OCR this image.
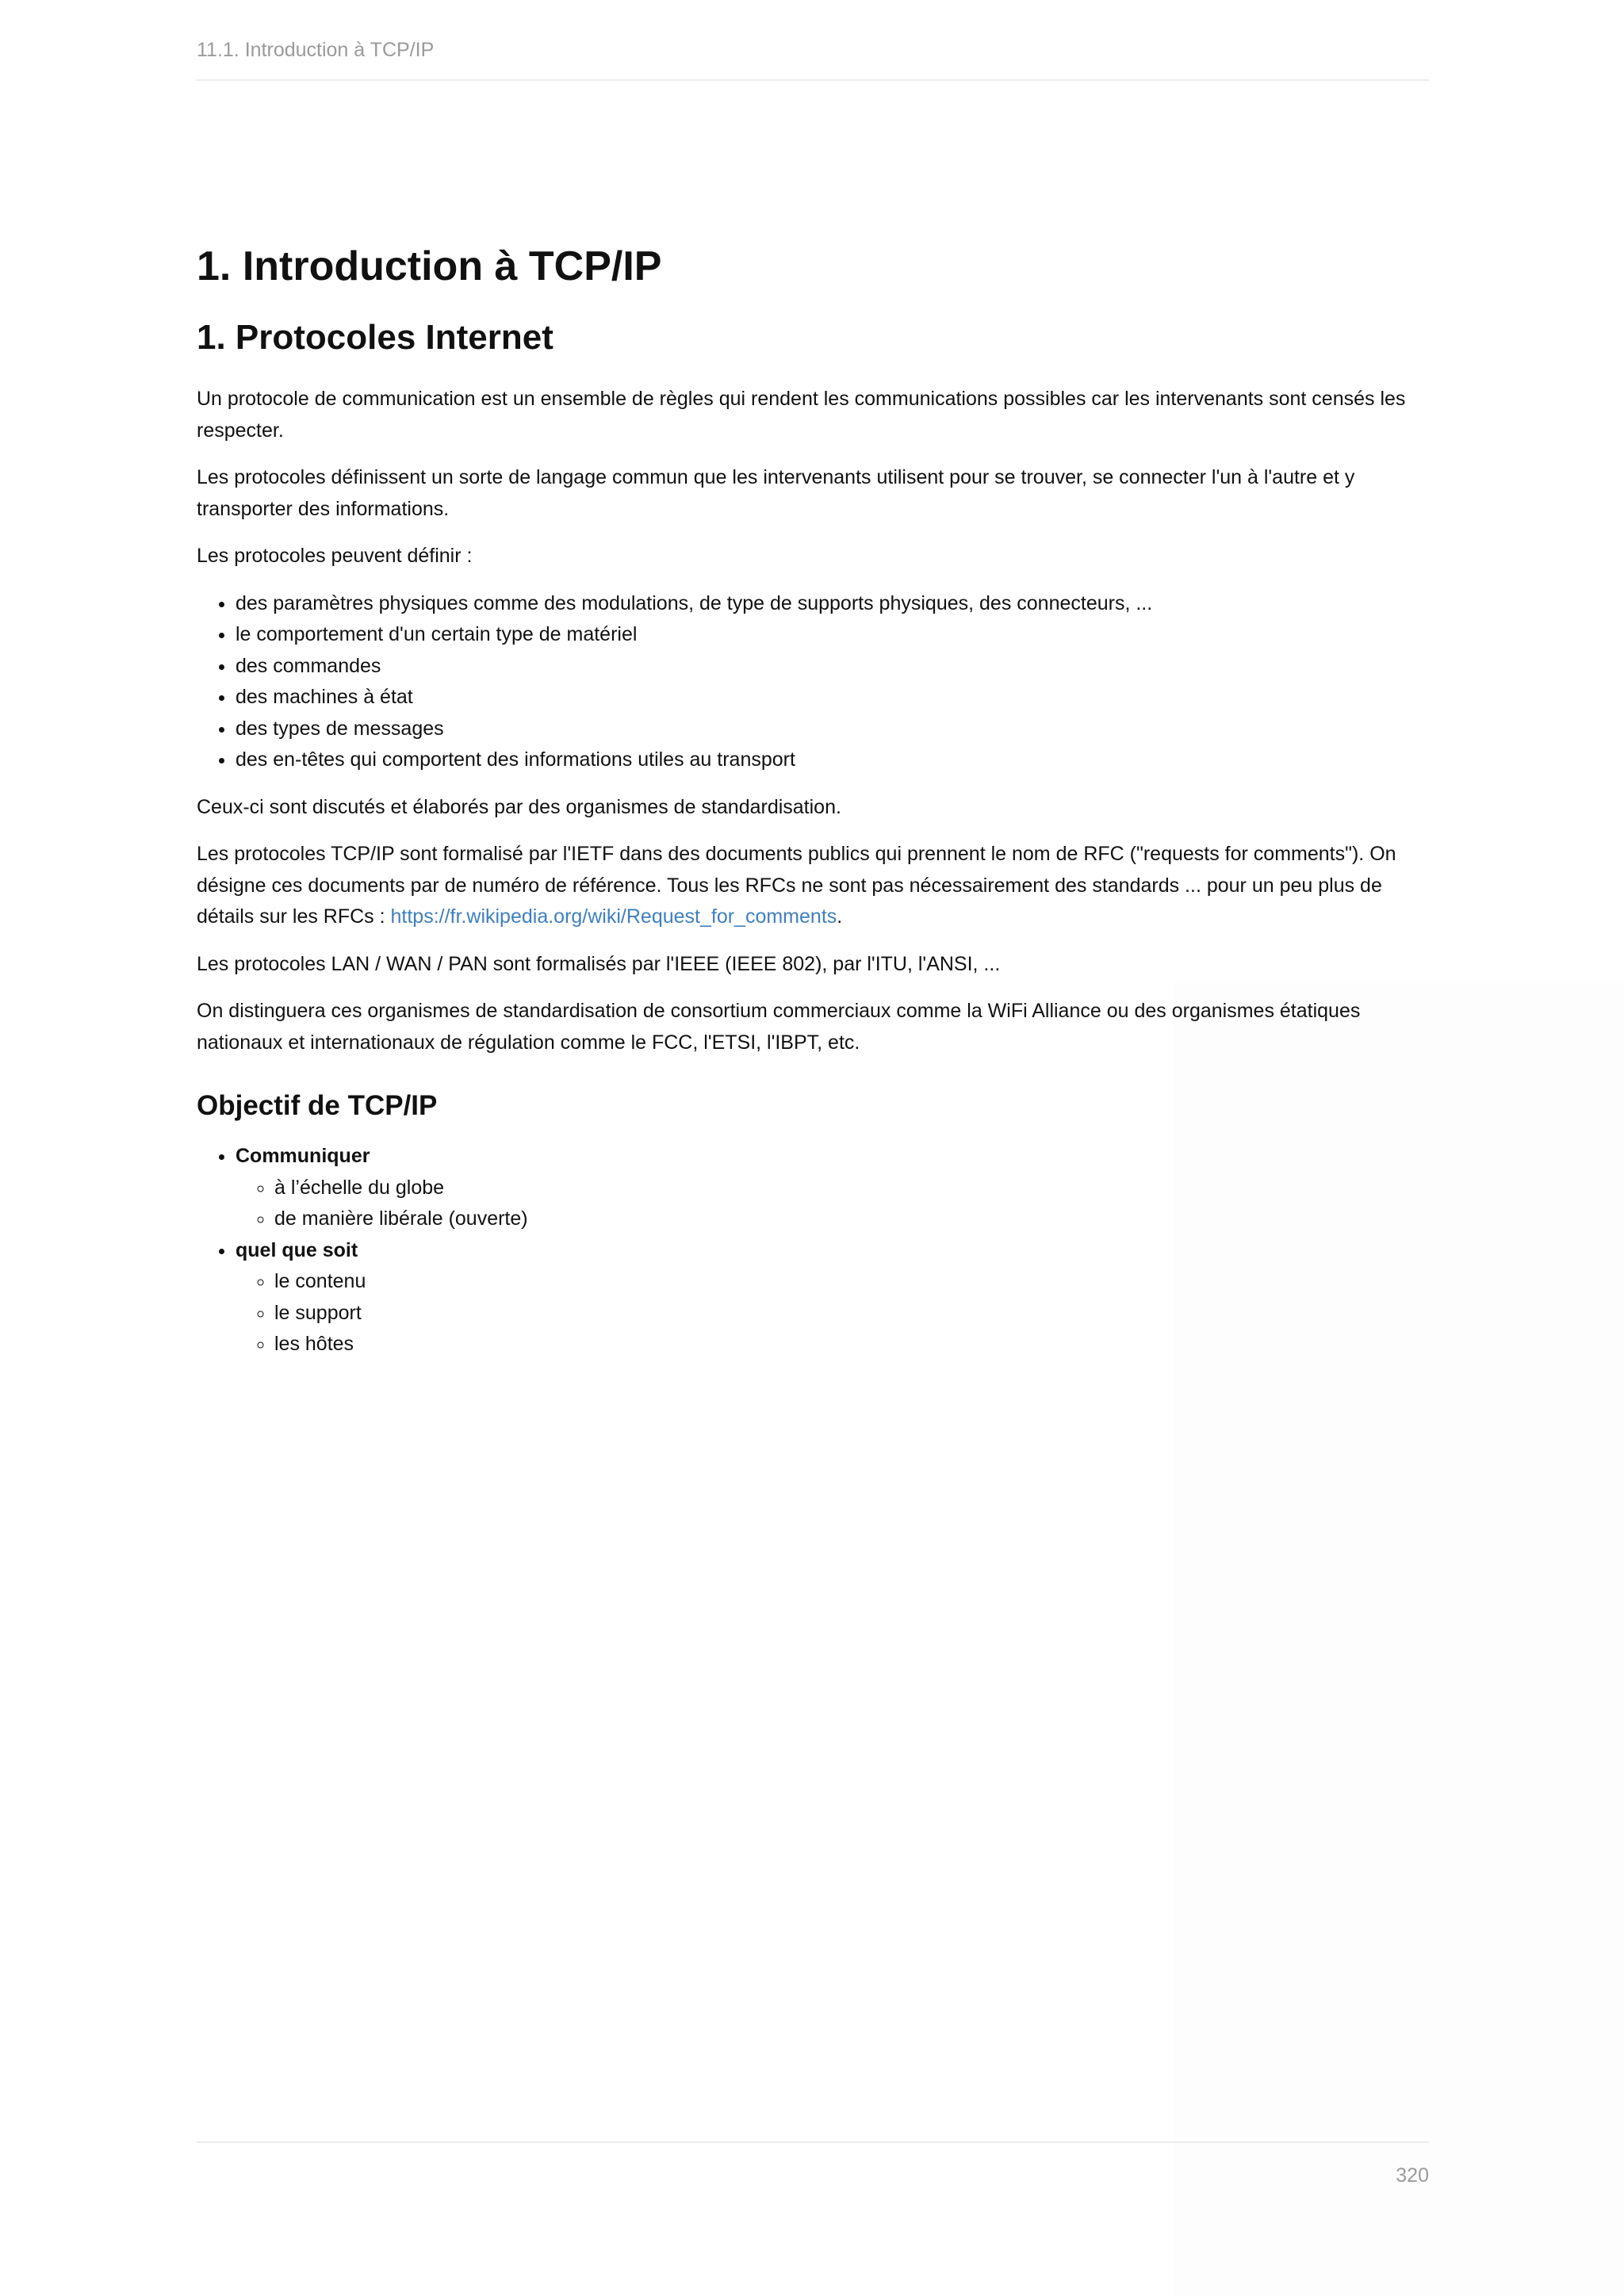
11.1. Introduction à TCP/IP
1. Introduction à TCP/IP
1. Protocoles Internet

Un protocole de communication est un ensemble de règles qui rendent les communications possibles car les intervenants sont censés les respecter.

Les protocoles définissent un sorte de langage commun que les intervenants utilisent pour se trouver, se connecter l'un à l'autre et y transporter des informations.

Les protocoles peuvent définir :

• des paramètres physiques comme des modulations, de type de supports physiques, des connecteurs, ...
• le comportement d'un certain type de matériel
• des commandes
• des machines à état
• des types de messages
• des en-têtes qui comportent des informations utiles au transport

Ceux-ci sont discutés et élaborés par des organismes de standardisation.

Les protocoles TCP/IP sont formalisé par l'IETF dans des documents publics qui prennent le nom de RFC ("requests for comments"). On désigne ces documents par de numéro de référence. Tous les RFCs ne sont pas nécessairement des standards ... pour un peu plus de détails sur les RFCs : https://fr.wikipedia.org/wiki/Request_for_comments.

Les protocoles LAN / WAN / PAN sont formalisés par l'IEEE (IEEE 802), par l'ITU, l'ANSI, ...

On distinguera ces organismes de standardisation de consortium commerciaux comme la WiFi Alliance ou des organismes étatiques nationaux et internationaux de régulation comme le FCC, l'ETSI, l'IBPT, etc.

Objectif de TCP/IP
• Communiquer
◦ à l’échelle du globe
◦ de manière libérale (ouverte)
• quel que soit
◦ le contenu
◦ le support
◦ les hôtes
320
